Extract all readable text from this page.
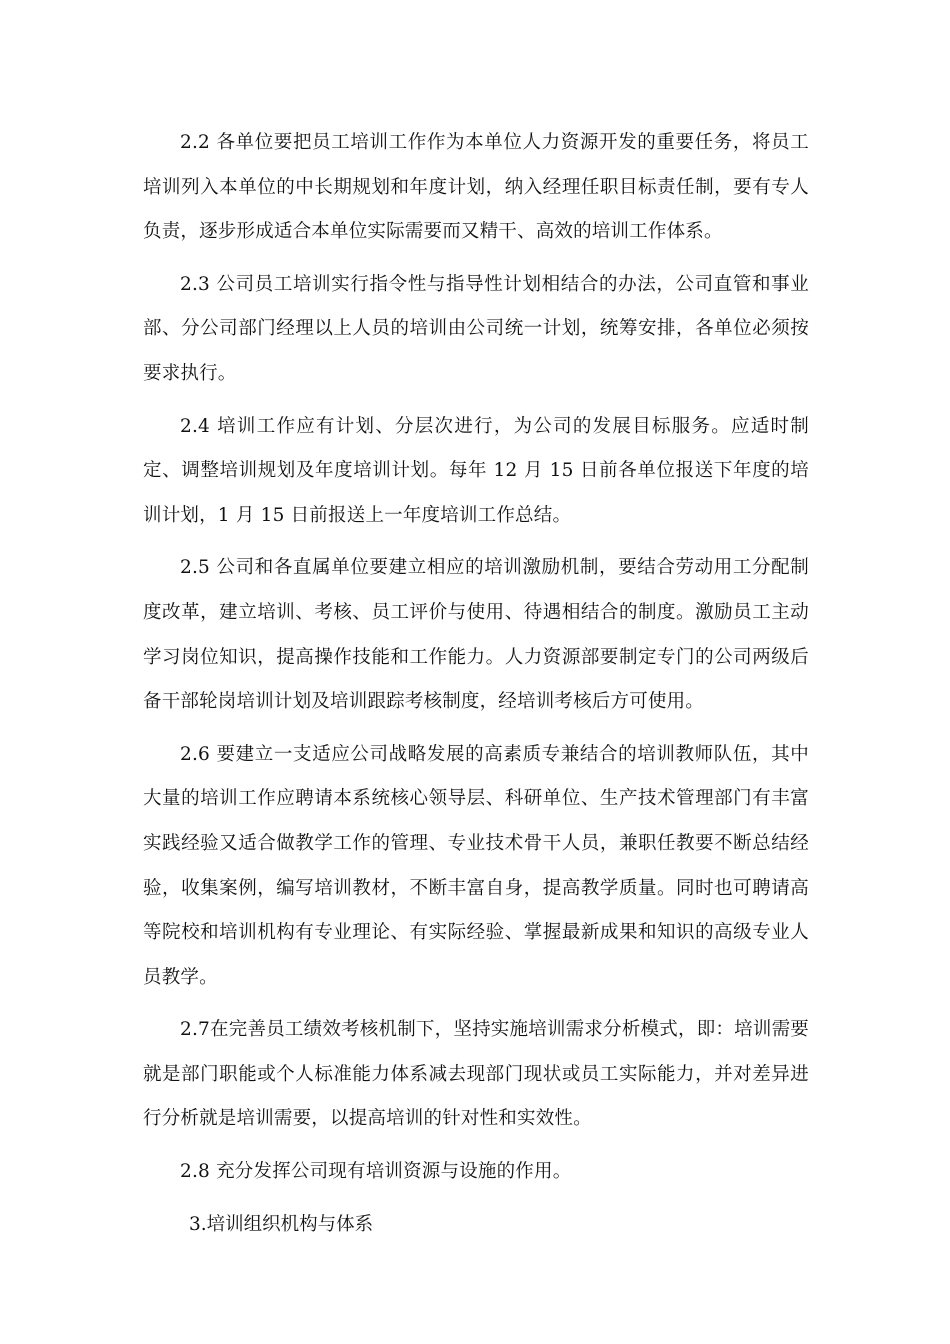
2.2 各单位要把员工培训工作作为本单位人力资源开发的重要任务，将员工培训列入本单位的中长期规划和年度计划，纳入经理任职目标责任制，要有专人负责，逐步形成适合本单位实际需要而又精干、高效的培训工作体系。

2.3 公司员工培训实行指令性与指导性计划相结合的办法，公司直管和事业部、分公司部门经理以上人员的培训由公司统一计划，统筹安排，各单位必须按要求执行。

2.4 培训工作应有计划、分层次进行，为公司的发展目标服务。应适时制定、调整培训规划及年度培训计划。每年 12 月 15 日前各单位报送下年度的培训计划，1 月 15 日前报送上一年度培训工作总结。

2.5 公司和各直属单位要建立相应的培训激励机制，要结合劳动用工分配制度改革，建立培训、考核、员工评价与使用、待遇相结合的制度。激励员工主动学习岗位知识，提高操作技能和工作能力。人力资源部要制定专门的公司两级后备干部轮岗培训计划及培训跟踪考核制度，经培训考核后方可使用。

2.6 要建立一支适应公司战略发展的高素质专兼结合的培训教师队伍，其中大量的培训工作应聘请本系统核心领导层、科研单位、生产技术管理部门有丰富实践经验又适合做教学工作的管理、专业技术骨干人员，兼职任教要不断总结经验，收集案例，编写培训教材，不断丰富自身，提高教学质量。同时也可聘请高等院校和培训机构有专业理论、有实际经验、掌握最新成果和知识的高级专业人员教学。

2.7在完善员工绩效考核机制下，坚持实施培训需求分析模式，即：培训需要就是部门职能或个人标准能力体系减去现部门现状或员工实际能力，并对差异进行分析就是培训需要，以提高培训的针对性和实效性。

2.8 充分发挥公司现有培训资源与设施的作用。

3.培训组织机构与体系
